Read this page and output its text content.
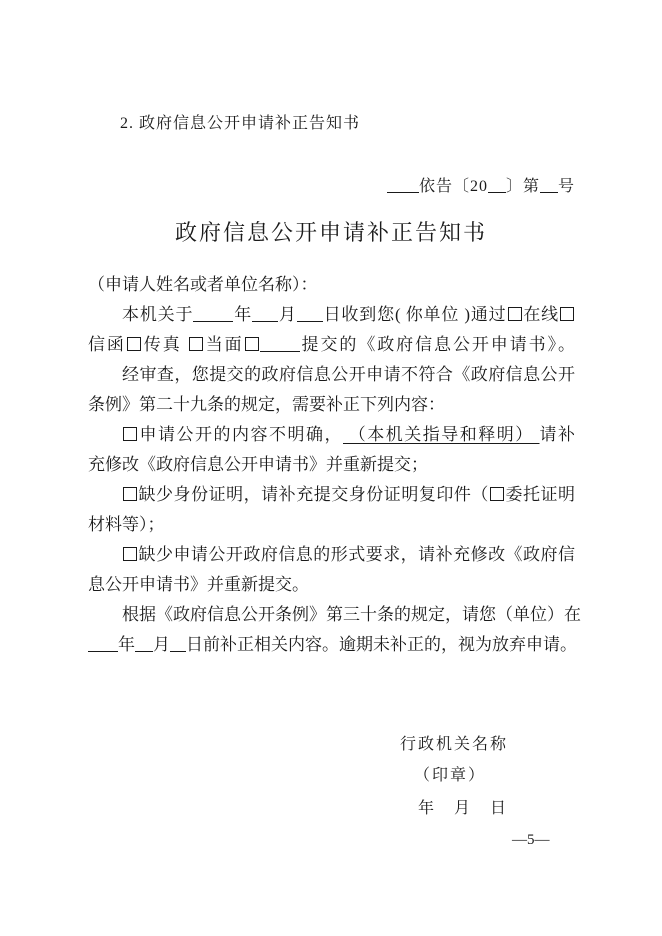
2. 政府信息公开申请补正告知书
依告〔20 〕第 号
政府信息公开申请补正告知书
（申请人姓名或者单位名称）：
本机关于 年 月 日收到您( 你单位 )通过 在线
信函 传真 当面	提交的《政府信息公开申请书》。
经审查，您提交的政府信息公开申请不符合《政府信息公开
条例》第二十九条的规定，需要补正下列内容：
申请公开的内容不明确， （本机关指导和释明） 请补
充修改《政府信息公开申请书》并重新提交；
缺少身份证明，请补充提交身份证明复印件（ 委托证明
材料等）；
缺少申请公开政府信息的形式要求，请补充修改《政府信
息公开申请书》并重新提交。
根据《政府信息公开条例》第三十条的规定，请您（单位）在
年 月 日前补正相关内容。逾期未补正的，视为放弃申请。
行政机关名称
（印章）
年　月　日
—5—
